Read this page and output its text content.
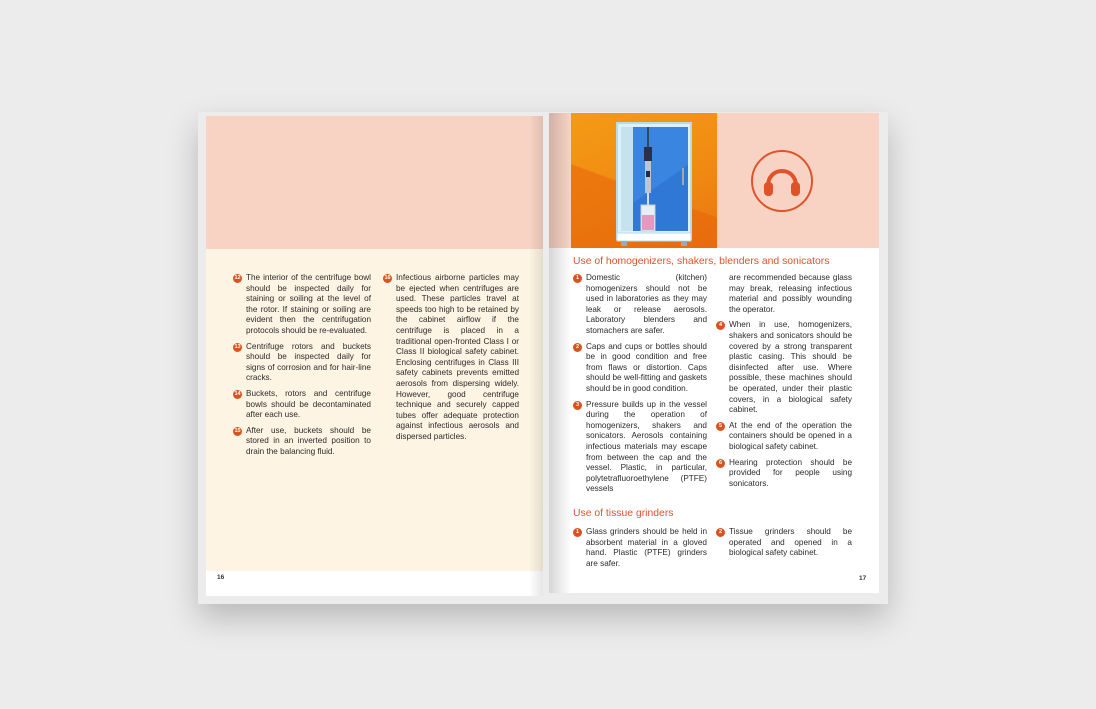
12 The interior of the centrifuge bowl should be inspected daily for staining or soiling at the level of the rotor. If staining or soiling are evident then the centrifugation protocols should be re-evaluated.

13 Centrifuge rotors and buckets should be inspected daily for signs of corrosion and for hair-line cracks.

14 Buckets, rotors and centrifuge bowls should be decontaminated after each use.

15 After use, buckets should be stored in an inverted position to drain the balancing fluid.

16 Infectious airborne particles may be ejected when centrifuges are used. These particles travel at speeds too high to be retained by the cabinet airflow if the centrifuge is placed in a traditional open-fronted Class I or Class II biological safety cabinet. Enclosing centrifuges in Class III safety cabinets prevents emitted aerosols from dispersing widely. However, good centrifuge technique and securely capped tubes offer adequate protection against infectious aerosols and dispersed particles.

16
Use of homogenizers, shakers, blenders and sonicators

1 Domestic (kitchen) homogenizers should not be used in laboratories as they may leak or release aerosols. Laboratory blenders and stomachers are safer.

2 Caps and cups or bottles should be in good condition and free from flaws or distortion. Caps should be well-fitting and gaskets should be in good condition.

3 Pressure builds up in the vessel during the operation of homogenizers, shakers and sonicators. Aerosols containing infectious materials may escape from between the cap and the vessel. Plastic, in particular, polytetrafluoroethylene (PTFE) vessels

are recommended because glass may break, releasing infectious material and possibly wounding the operator.

4 When in use, homogenizers, shakers and sonicators should be covered by a strong transparent plastic casing. This should be disinfected after use. Where possible, these machines should be operated, under their plastic covers, in a biological safety cabinet.

5 At the end of the operation the containers should be opened in a biological safety cabinet.

6 Hearing protection should be provided for people using sonicators.

Use of tissue grinders

1 Glass grinders should be held in absorbent material in a gloved hand. Plastic (PTFE) grinders are safer.

2 Tissue grinders should be operated and opened in a biological safety cabinet.

17
